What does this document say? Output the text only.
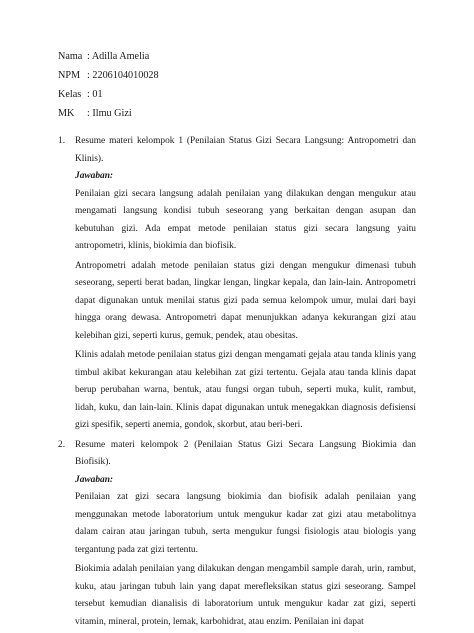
Nama : Adilla Amelia
NPM : 2206104010028
Kelas : 01
MK	: Ilmu Gizi
1.	Resume materi kelompok 1 (Penilaian Status Gizi Secara Langsung: Antropometri dan Klinis).

Jawaban:

Penilaian gizi secara langsung adalah penilaian yang dilakukan dengan mengukur atau mengamati langsung kondisi tubuh seseorang yang berkaitan dengan asupan dan kebutuhan gizi. Ada empat metode penilaian status gizi secara langsung yaitu antropometri, klinis, biokimia dan biofisik.

Antropometri adalah metode penilaian status gizi dengan mengukur dimenasi tubuh seseorang, seperti berat badan, lingkar lengan, lingkar kepala, dan lain-lain. Antropometri dapat digunakan untuk menilai status gizi pada semua kelompok umur, mulai dari bayi hingga orang dewasa. Antropometri dapat menunjukkan adanya kekurangan gizi atau kelebihan gizi, seperti kurus, gemuk, pendek, atau obesitas.

Klinis adalah metode penilaian status gizi dengan mengamati gejala atau tanda klinis yang timbul akibat kekurangan atau kelebihan zat gizi tertentu. Gejala atau tanda klinis dapat berup perubahan warna, bentuk, atau fungsi organ tubuh, seperti muka, kulit, rambut, lidah, kuku, dan lain-lain. Klinis dapat digunakan untuk menegakkan diagnosis defisiensi gizi spesifik, seperti anemia, gondok, skorbut, atau beri-beri.

2.	Resume materi kelompok 2 (Penilaian Status Gizi Secara Langsung Biokimia dan Biofisik).

Jawaban:

Penilaian zat gizi secara langsung biokimia dan biofisik adalah penilaian yang menggunakan metode laboratorium untuk mengukur kadar zat gizi atau metabolitnya dalam cairan atau jaringan tubuh, serta mengukur fungsi fisiologis atau biologis yang tergantung pada zat gizi tertentu.

Biokimia adalah penilaian yang dilakukan dengan mengambil sample darah, urin, rambut, kuku, atau jaringan tubuh lain yang dapat merefleksikan status gizi seseorang. Sampel tersebut kemudian dianalisis di laboratorium untuk mengukur kadar zat gizi, seperti vitamin, mineral, protein, lemak, karbohidrat, atau enzim. Penilaian ini dapat
